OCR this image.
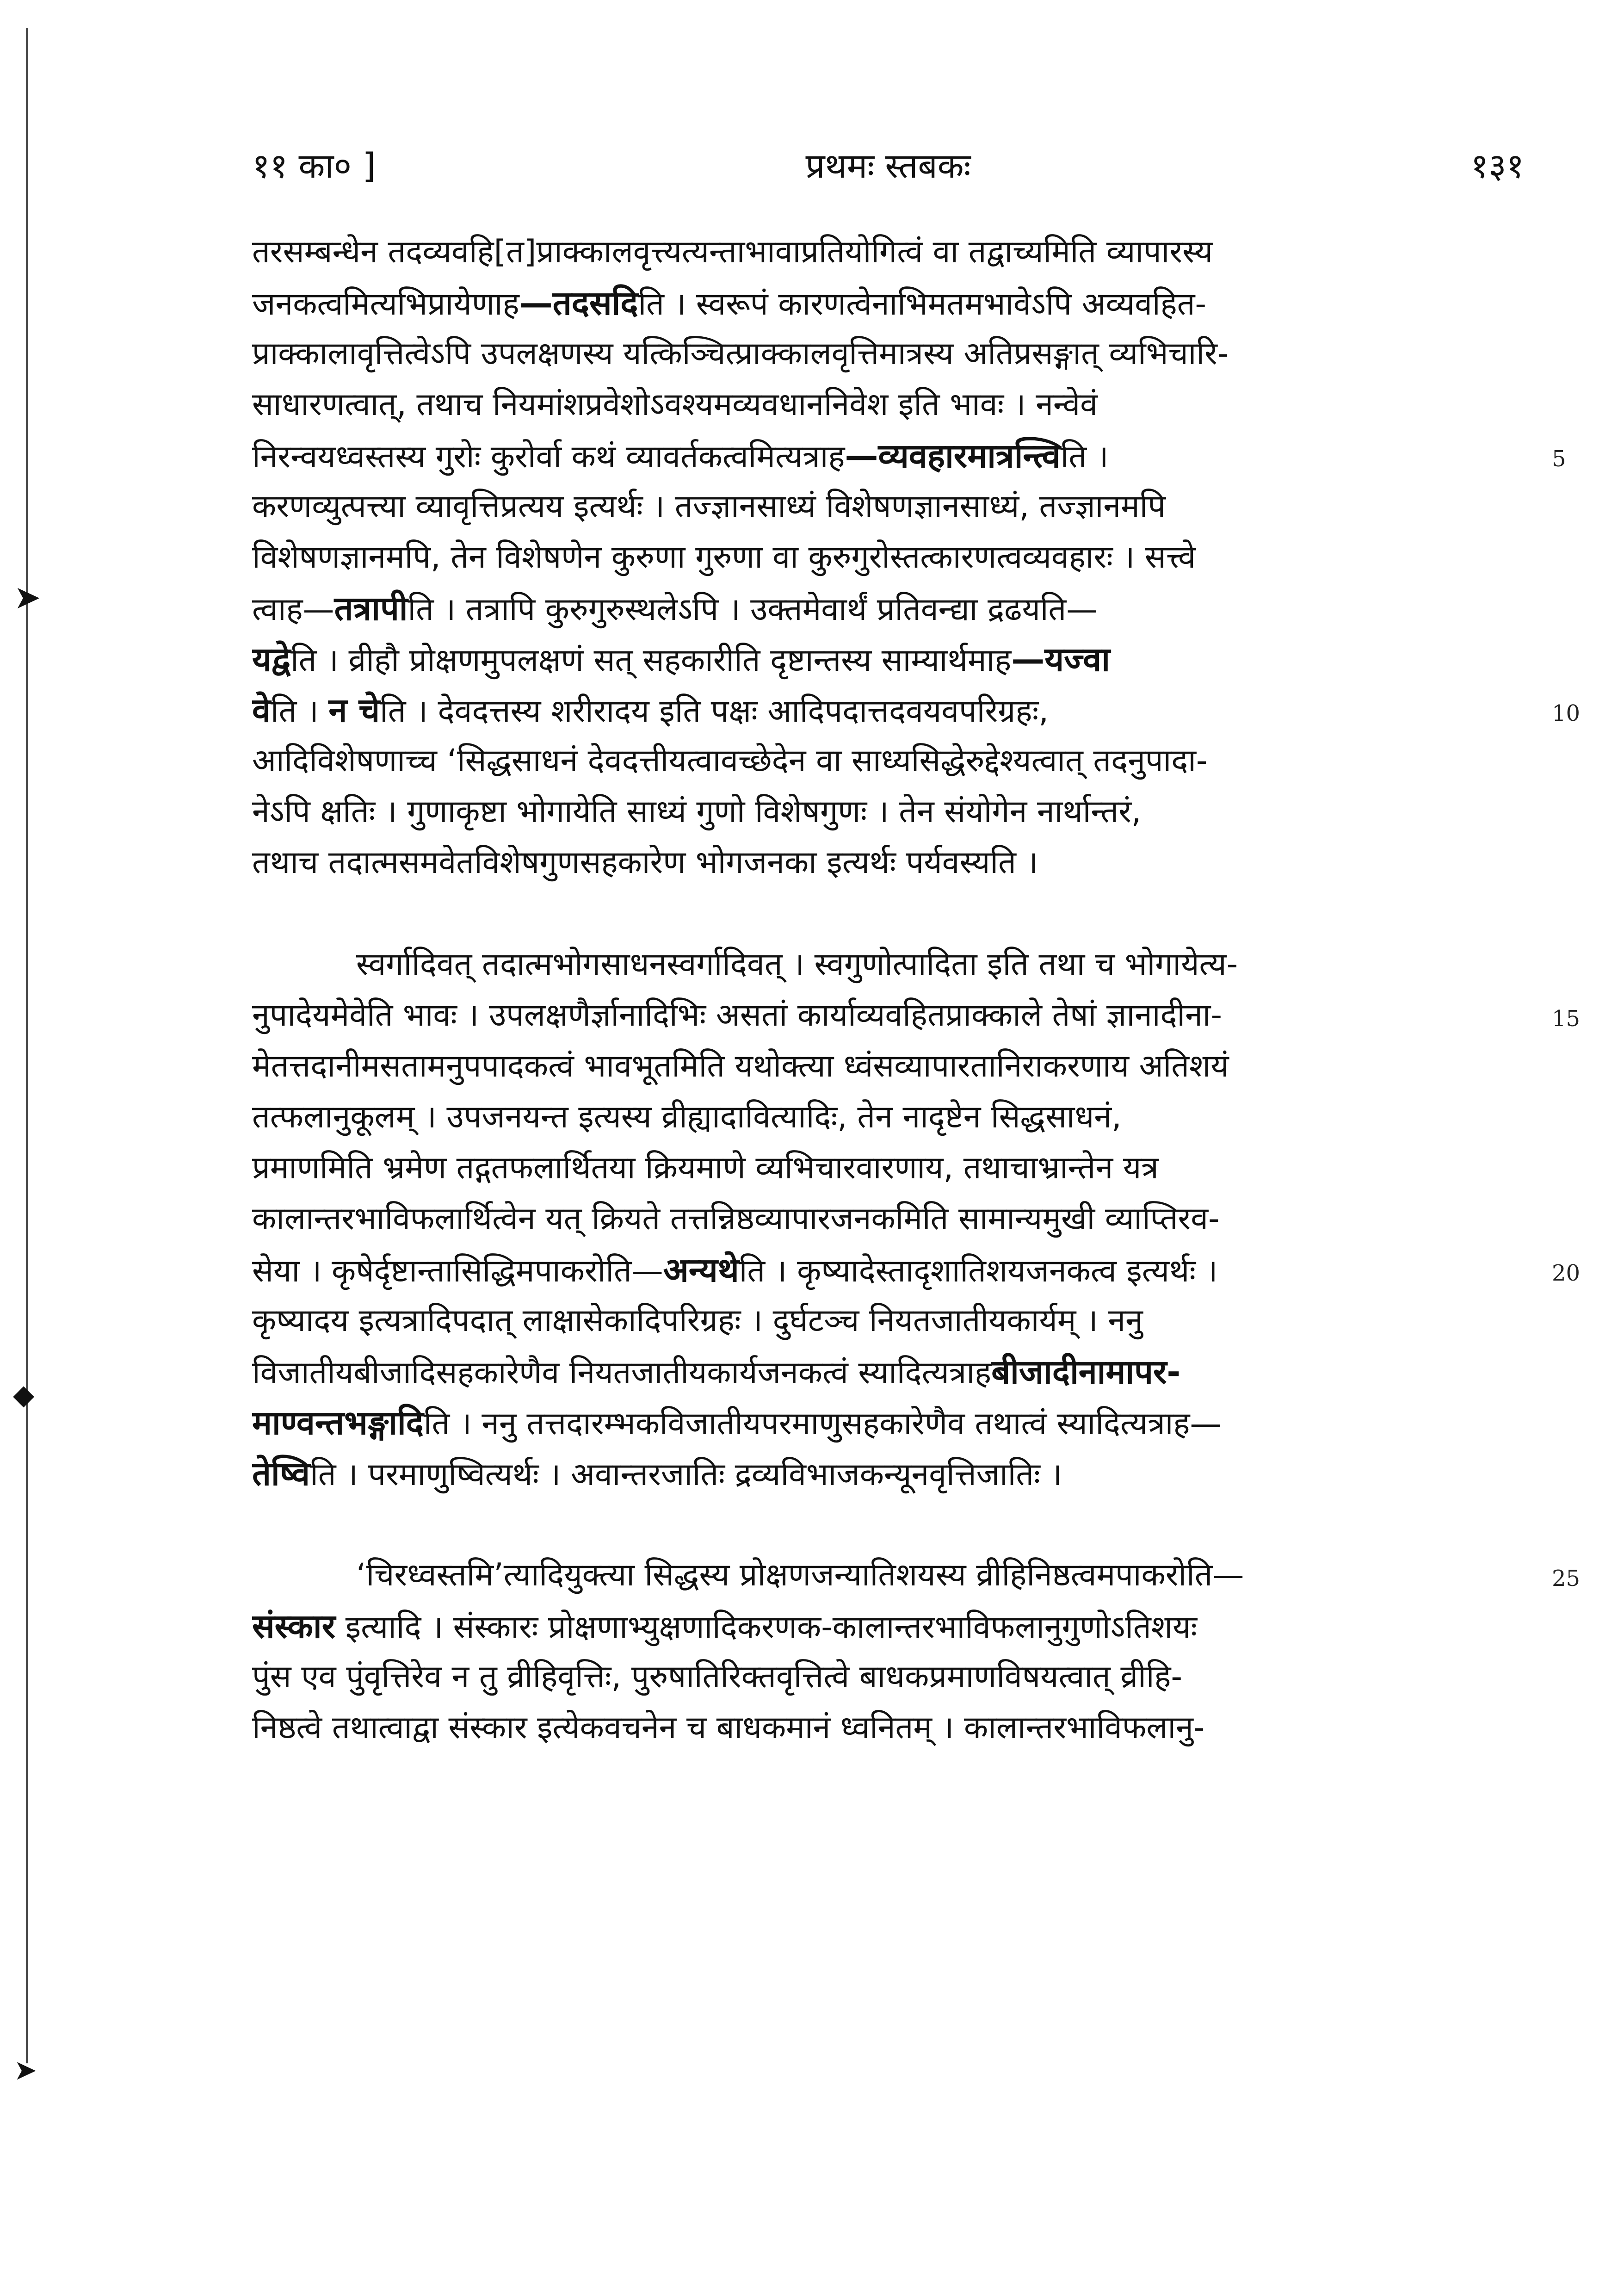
➤
◆
➤
११ का० ]	प्रथमः स्तबकः	१३१
तरसम्बन्धेन तदव्यवहि[त]प्राक्कालवृत्त्यत्यन्ताभावाप्रतियोगित्वं वा तद्वाच्यमिति व्यापारस्य
जनकत्वमित्यभिप्रायेणाह—तदसदिति । स्वरूपं कारणत्वेनाभिमतमभावेऽपि अव्यवहित-
प्राक्कालावृत्तित्वेऽपि उपलक्षणस्य यत्किञ्चित्प्राक्कालवृत्तिमात्रस्य अतिप्रसङ्गात् व्यभिचारि-
साधारणत्वात्, तथाच नियमांशप्रवेशोऽवश्यमव्यवधाननिवेश इति भावः । नन्वेवं
निरन्वयध्वस्तस्य गुरोः कुरोर्वा कथं व्यावर्तकत्वमित्यत्राह—व्यवहारमात्रन्त्विति ।
करणव्युत्पत्त्या व्यावृत्तिप्रत्यय इत्यर्थः । तज्ज्ञानसाध्यं विशेषणज्ञानसाध्यं, तज्ज्ञानमपि
विशेषणज्ञानमपि, तेन विशेषणेन कुरुणा गुरुणा वा कुरुगुरोस्तत्कारणत्वव्यवहारः । सत्त्वे
त्वाह—तत्रापीति । तत्रापि कुरुगुरुस्थलेऽपि । उक्तमेवार्थं प्रतिवन्द्या द्रढयति—
यद्वेति । व्रीहौ प्रोक्षणमुपलक्षणं सत् सहकारीति दृष्टान्तस्य साम्यार्थमाह—यज्वा
वेति । न चेति । देवदत्तस्य शरीरादय इति पक्षः आदिपदात्तदवयवपरिग्रहः,
आदिविशेषणाच्च ‘सिद्धसाधनं देवदत्तीयत्वावच्छेदेन वा साध्यसिद्धेरुद्देश्यत्वात् तदनुपादा-
नेऽपि क्षतिः । गुणाकृष्टा भोगायेति साध्यं गुणो विशेषगुणः । तेन संयोगेन नार्थान्तरं,
तथाच तदात्मसमवेतविशेषगुणसहकारेण भोगजनका इत्यर्थः पर्यवस्यति ।
स्वर्गादिवत् तदात्मभोगसाधनस्वर्गादिवत् । स्वगुणोत्पादिता इति तथा च भोगायेत्य-
नुपादेयमेवेति भावः । उपलक्षणैर्ज्ञानादिभिः असतां कार्याव्यवहितप्राक्काले तेषां ज्ञानादीना-
मेतत्तदानीमसतामनुपपादकत्वं भावभूतमिति यथोक्त्या ध्वंसव्यापारतानिराकरणाय अतिशयं
तत्फलानुकूलम् । उपजनयन्त इत्यस्य व्रीह्यादावित्यादिः, तेन नादृष्टेन सिद्धसाधनं,
प्रमाणमिति भ्रमेण तद्गतफलार्थितया क्रियमाणे व्यभिचारवारणाय, तथाचाभ्रान्तेन यत्र
कालान्तरभाविफलार्थित्वेन यत् क्रियते तत्तन्निष्ठव्यापारजनकमिति सामान्यमुखी व्याप्तिरव-
सेया । कृषेर्दृष्टान्तासिद्धिमपाकरोति—अन्यथेति । कृष्यादेस्तादृशातिशयजनकत्व इत्यर्थः ।
कृष्यादय इत्यत्रादिपदात् लाक्षासेकादिपरिग्रहः । दुर्घटञ्च नियतजातीयकार्यम् । ननु
विजातीयबीजादिसहकारेणैव नियतजातीयकार्यजनकत्वं स्यादित्यत्राहबीजादीनामापर-
माण्वन्तभङ्गादिति । ननु तत्तदारम्भकविजातीयपरमाणुसहकारेणैव तथात्वं स्यादित्यत्राह—
तेष्विति । परमाणुष्वित्यर्थः । अवान्तरजातिः द्रव्यविभाजकन्यूनवृत्तिजातिः ।
‘चिरध्वस्तमि’त्यादियुक्त्या सिद्धस्य प्रोक्षणजन्यातिशयस्य व्रीहिनिष्ठत्वमपाकरोति—
संस्कार इत्यादि । संस्कारः प्रोक्षणाभ्युक्षणादिकरणक-कालान्तरभाविफलानुगुणोऽतिशयः
पुंस एव पुंवृत्तिरेव न तु व्रीहिवृत्तिः, पुरुषातिरिक्तवृत्तित्वे बाधकप्रमाणविषयत्वात् व्रीहि-
निष्ठत्वे तथात्वाद्वा संस्कार इत्येकवचनेन च बाधकमानं ध्वनितम् । कालान्तरभाविफलानु-
5
10
15
20
25
